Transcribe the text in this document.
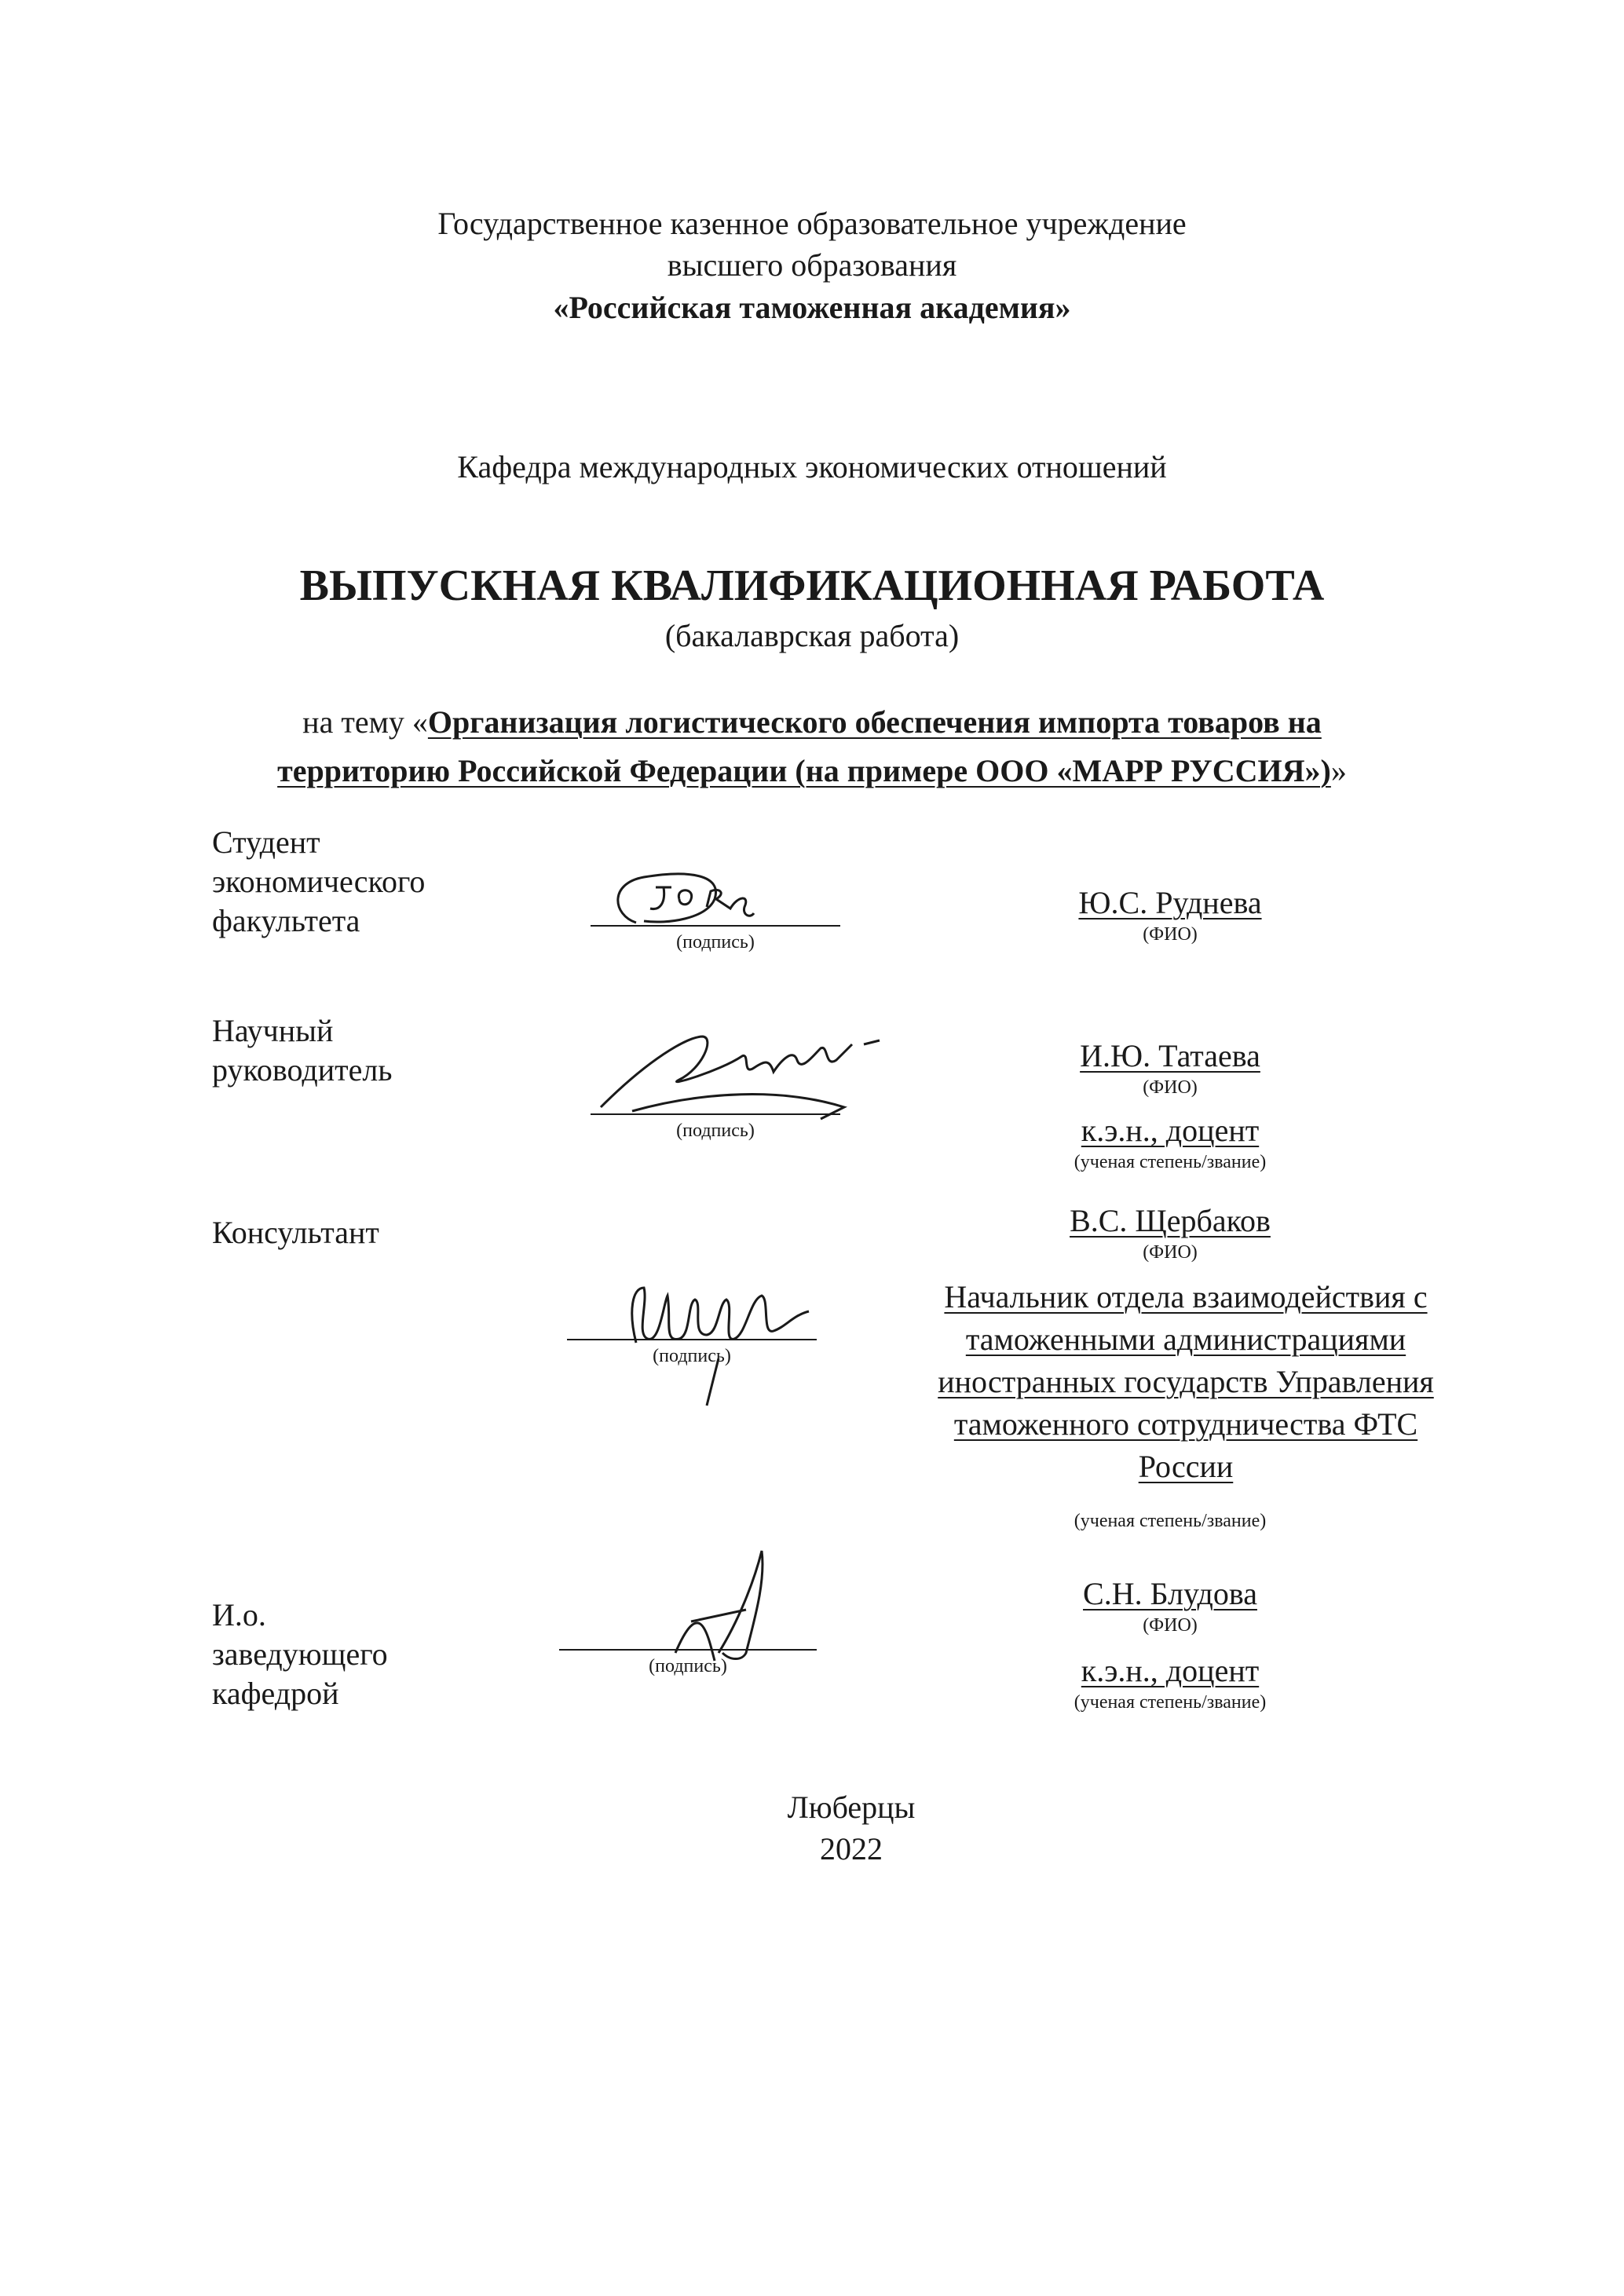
Государственное казенное образовательное учреждение
высшего образования
«Российская таможенная академия»
Кафедра международных экономических отношений
ВЫПУСКНАЯ КВАЛИФИКАЦИОННАЯ РАБОТА
(бакалаврская работа)
на тему «Организация логистического обеспечения импорта товаров на
территорию Российской Федерации (на примере ООО «МАРР РУССИЯ»)»
Студент
экономического
факультета
(подпись)
Ю.С. Руднева
(ФИО)
Научный
руководитель
(подпись)
И.Ю. Татаева
(ФИО)
к.э.н., доцент
(ученая степень/звание)
Консультант	В.С. Щербаков
(ФИО)
(подпись)
Начальник отдела взаимодействия с
таможенными администрациями
иностранных государств Управления
таможенного сотрудничества ФТС
России
(ученая степень/звание)
И.о.
заведующего
кафедрой
(подпись)
С.Н. Блудова
(ФИО)
к.э.н., доцент
(ученая степень/звание)
Люберцы
2022
